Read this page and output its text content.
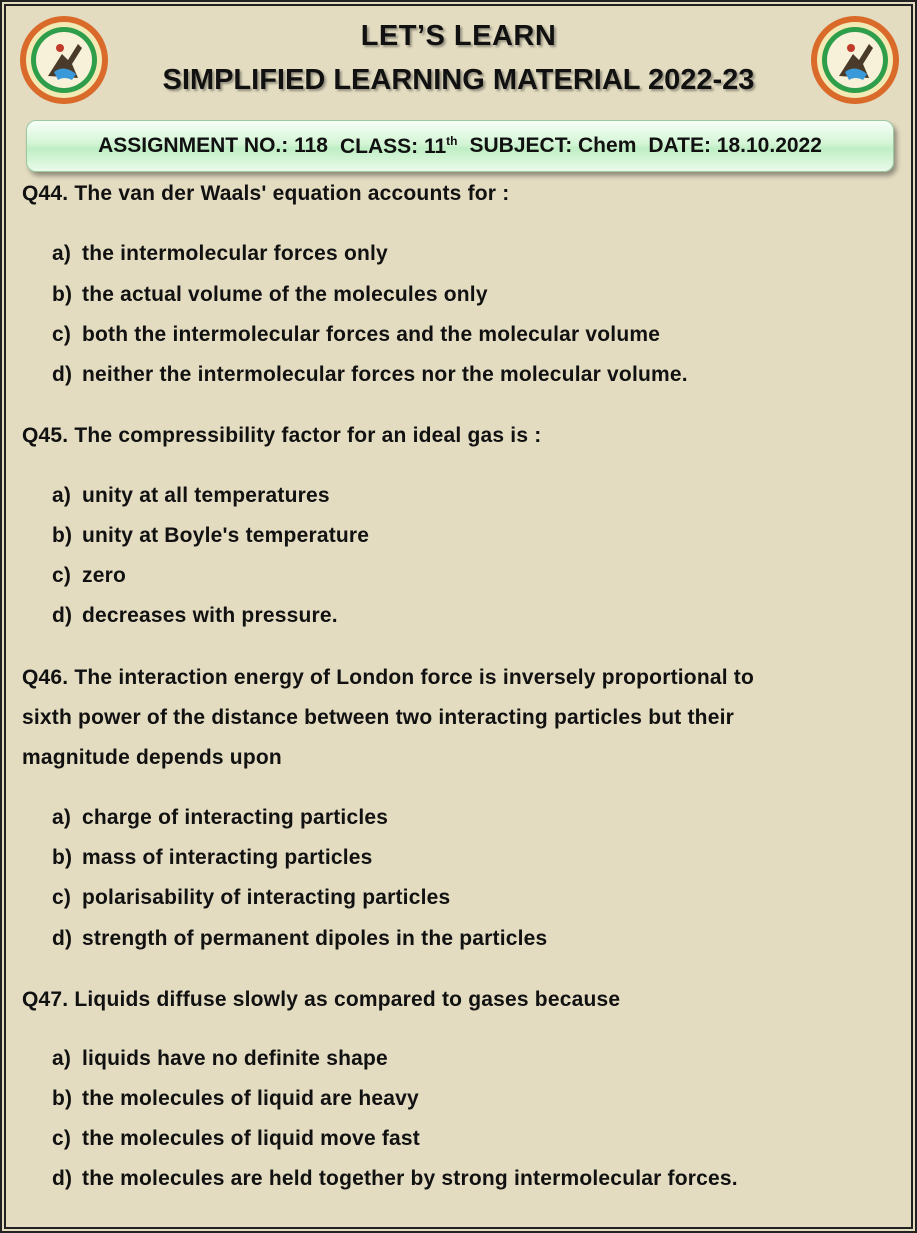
LET’S LEARN
SIMPLIFIED LEARNING MATERIAL 2022-23
ASSIGNMENT NO.: 118 CLASS: 11th SUBJECT: Chem DATE: 18.10.2022
Q44. The van der Waals' equation accounts for :
a) the intermolecular forces only
b) the actual volume of the molecules only
c) both the intermolecular forces and the molecular volume
d) neither the intermolecular forces nor the molecular volume.
Q45. The compressibility factor for an ideal gas is :
a) unity at all temperatures
b) unity at Boyle's temperature
c) zero
d) decreases with pressure.
Q46. The interaction energy of London force is inversely proportional to
sixth power of the distance between two interacting particles but their
magnitude depends upon
a) charge of interacting particles
b) mass of interacting particles
c) polarisability of interacting particles
d) strength of permanent dipoles in the particles
Q47. Liquids diffuse slowly as compared to gases because
a) liquids have no definite shape
b) the molecules of liquid are heavy
c) the molecules of liquid move fast
d) the molecules are held together by strong intermolecular forces.
